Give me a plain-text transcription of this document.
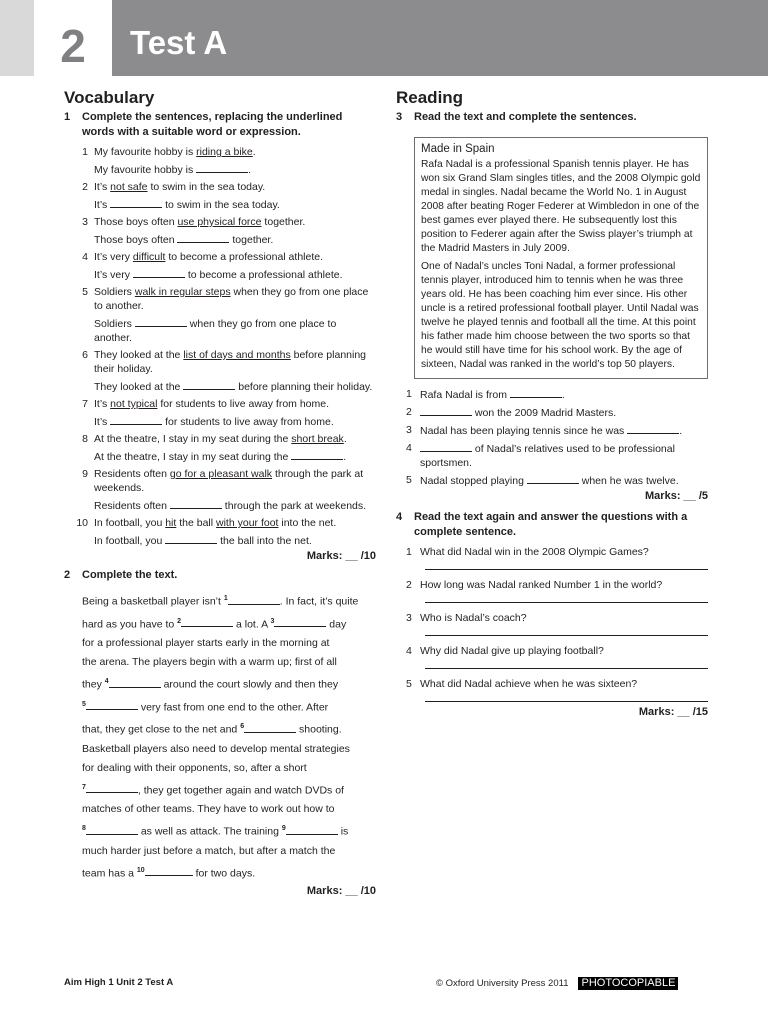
2	Test A
Vocabulary
1	Complete the sentences, replacing the underlined words with a suitable word or expression.
1 My favourite hobby is riding a bike.
My favourite hobby is	.
2 It’s not safe to swim in the sea today.
It’s	to swim in the sea today.
3 Those boys often use physical force together.
Those boys often	together.
4 It’s very difficult to become a professional athlete.
It’s very	to become a professional athlete.
5 Soldiers walk in regular steps when they go from one place to another.
Soldiers	when they go from one place to another.
6 They looked at the list of days and months before planning their holiday.
They looked at the	before planning their holiday.
7 It’s not typical for students to live away from home.
It’s	for students to live away from home.
8 At the theatre, I stay in my seat during the short break.
At the theatre, I stay in my seat during the	.
9 Residents often go for a pleasant walk through the park at weekends.
Residents often	through the park at weekends.
10 In football, you hit the ball with your foot into the net.
In football, you	the ball into the net.
Marks: __ /10
2	Complete the text.
Being a basketball player isn’t $^1$	. In fact, it’s quite
hard as you have to $^2$	a lot. A $^3$	day
for a professional player starts early in the morning at
the arena. The players begin with a warm up; first of all
they $^4$	around the court slowly and then they
$^5$	very fast from one end to the other. After
that, they get close to the net and $^6$	shooting.
Basketball players also need to develop mental strategies
for dealing with their opponents, so, after a short
$^7$	, they get together again and watch DVDs of
matches of other teams. They have to work out how to
$^8$	as well as attack. The training $^9$	is
much harder just before a match, but after a match the
team has a $^{10}$	for two days.
Marks: __ /10
Reading
3	Read the text and complete the sentences.
Made in Spain

Rafa Nadal is a professional Spanish tennis player. He has won six Grand Slam singles titles, and the 2008 Olympic gold medal in singles. Nadal became the World No. 1 in August 2008 after beating Roger Federer at Wimbledon in one of the best games ever played there. He subsequently lost this position to Federer again after the Swiss player’s triumph at the Madrid Masters in July 2009.

One of Nadal’s uncles Toni Nadal, a former professional tennis player, introduced him to tennis when he was three years old. He has been coaching him ever since. His other uncle is a retired professional football player. Until Nadal was twelve he played tennis and football all the time. At this point his father made him choose between the two sports so that he would still have time for his school work. By the age of sixteen, Nadal was ranked in the world’s top 50 players.

1 Rafa Nadal is from	.
2	won the 2009 Madrid Masters.
3 Nadal has been playing tennis since he was	.
4	of Nadal’s relatives used to be professional sportsmen.
5 Nadal stopped playing	when he was twelve.
Marks: __ /5
4	Read the text again and answer the questions with a complete sentence.
1 What did Nadal win in the 2008 Olympic Games?
2 How long was Nadal ranked Number 1 in the world?
3 Who is Nadal’s coach?
4 Why did Nadal give up playing football?
5 What did Nadal achieve when he was sixteen?
Marks: __ /15
Aim High 1 Unit 2 Test A	© Oxford University Press 2011 PHOTOCOPIABLE
